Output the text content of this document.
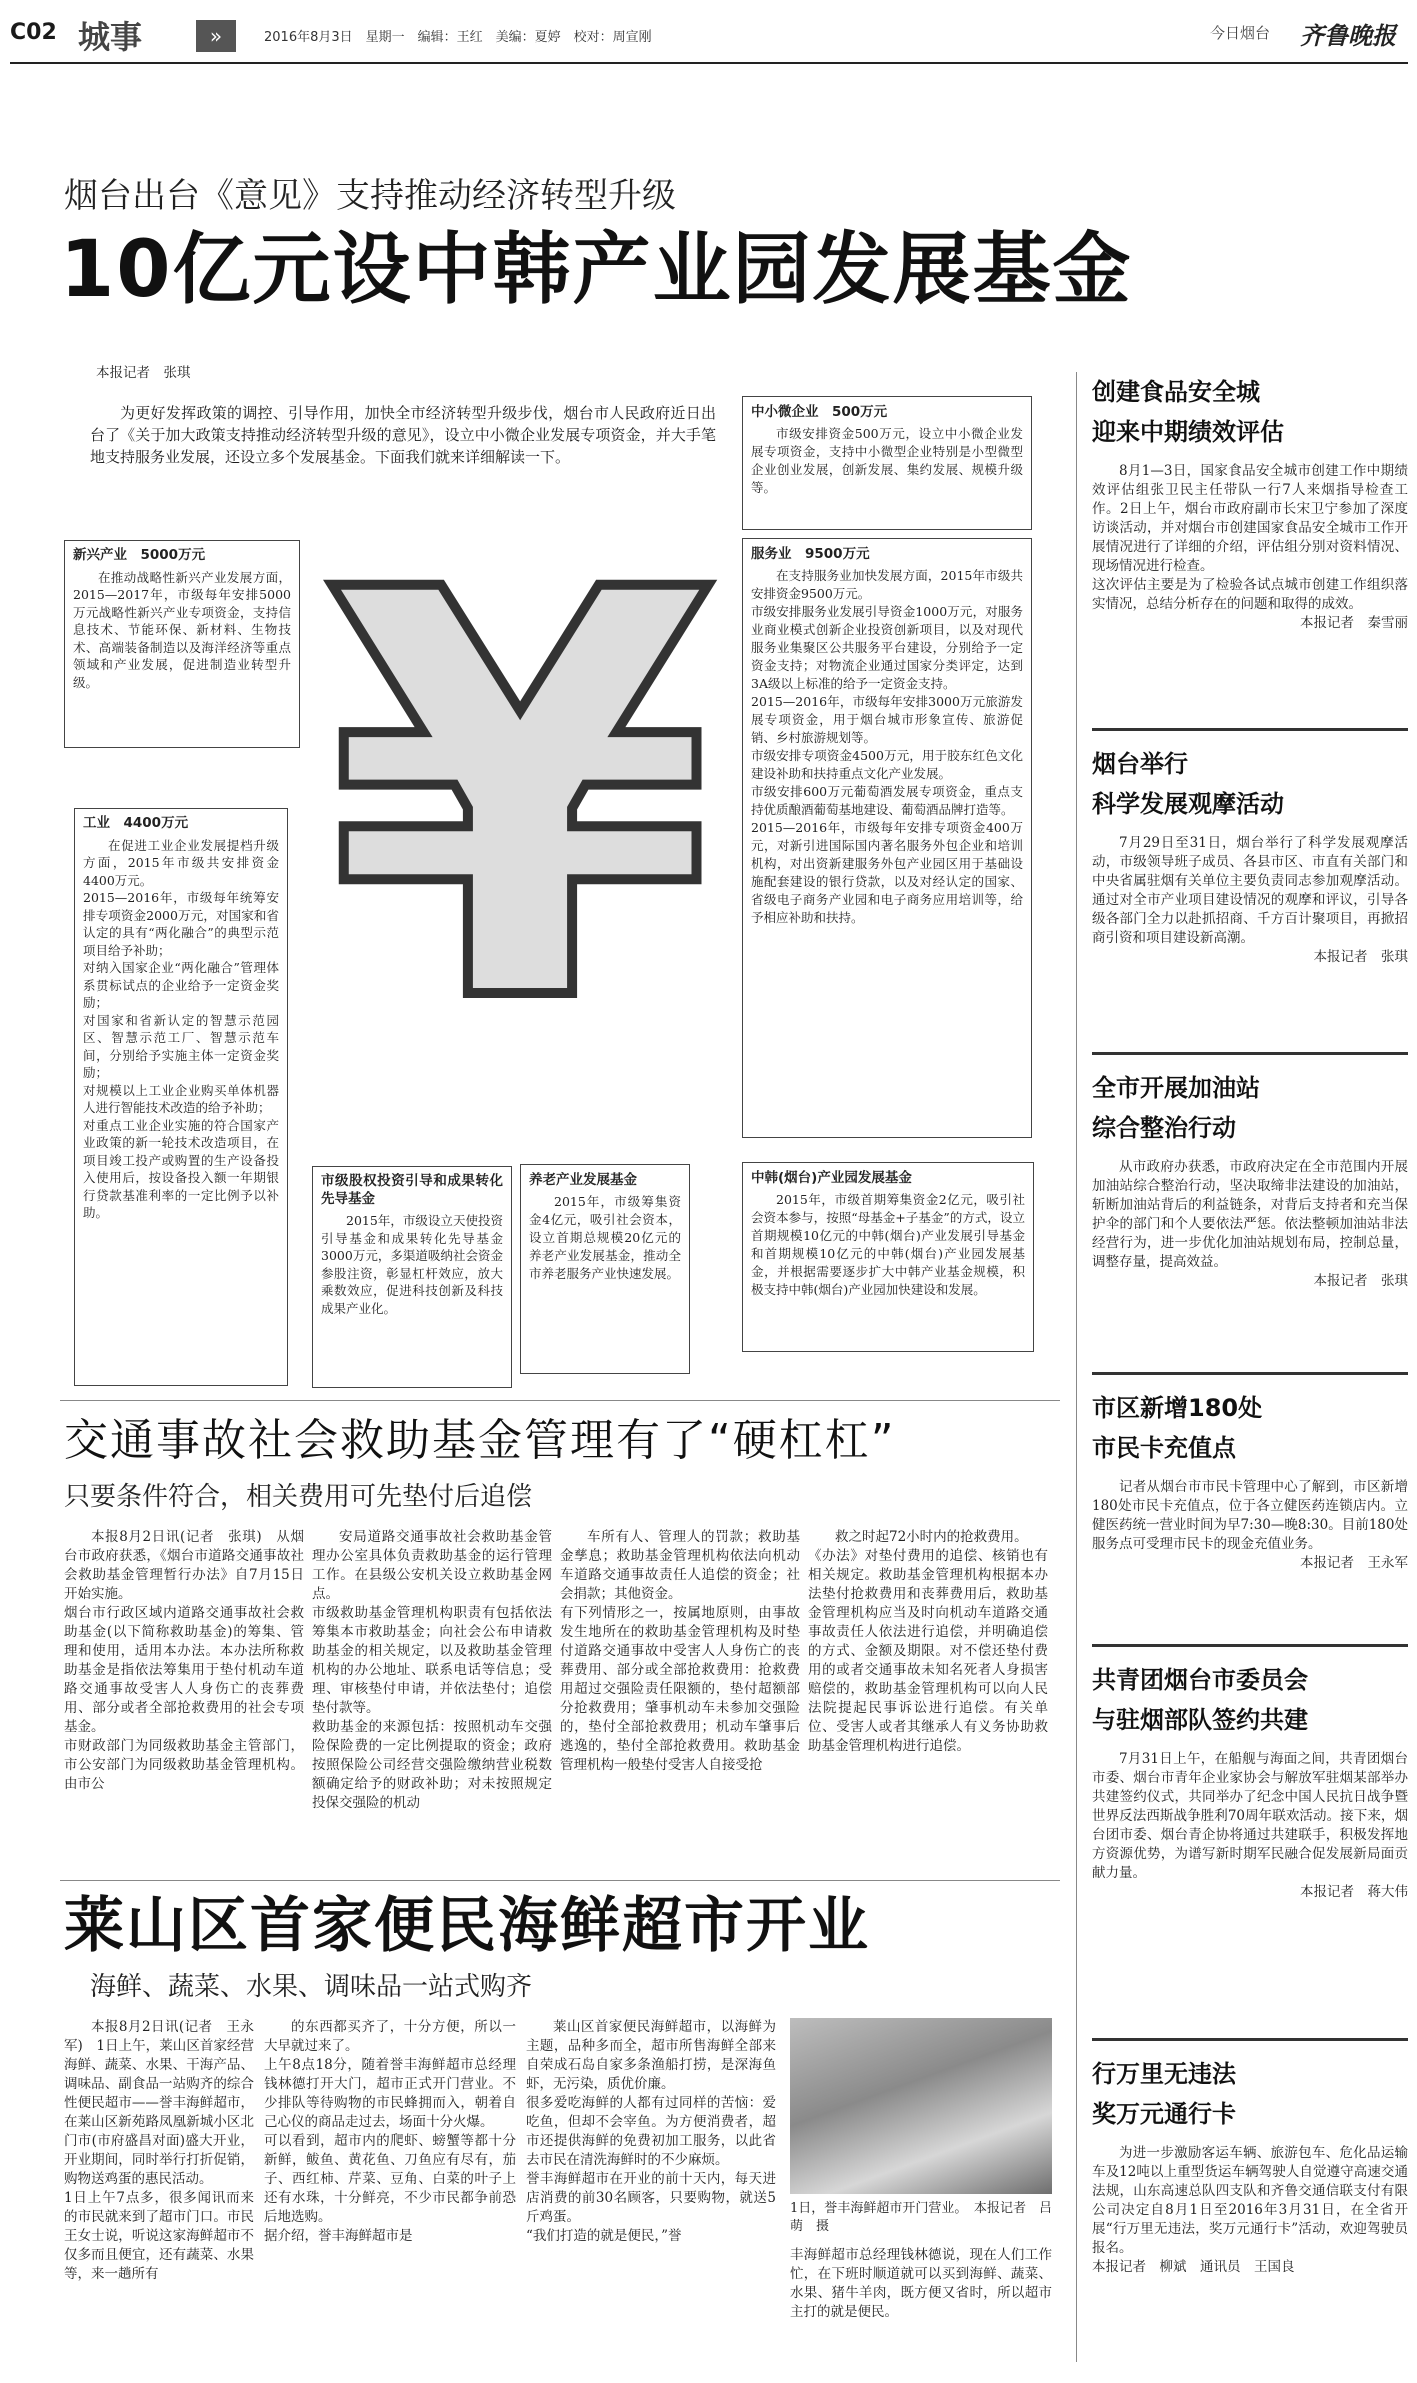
C02 城事	»	2016年8月3日　星期一　编辑：王红　美编：夏婷　校对：周宣刚	今日烟台 齐鲁晚报
烟台出台《意见》支持推动经济转型升级
10亿元设中韩产业园发展基金
本报记者　张琪
为更好发挥政策的调控、引导作用，加快全市经济转型升级步伐，烟台市人民政府近日出台了《关于加大政策支持推动经济转型升级的意见》，设立中小微企业发展专项资金，并大手笔地支持服务业发展，还设立多个发展基金。下面我们就来详细解读一下。
¥
中小微企业　500万元
市级安排资金500万元，设立中小微企业发展专项资金，支持中小微型企业特别是小型微型企业创业发展，创新发展、集约发展、规模升级等。
新兴产业　5000万元
在推动战略性新兴产业发展方面，2015—2017年，市级每年安排5000万元战略性新兴产业专项资金，支持信息技术、节能环保、新材料、生物技术、高端装备制造以及海洋经济等重点领域和产业发展，促进制造业转型升级。
服务业　9500万元
在支持服务业加快发展方面，2015年市级共安排资金9500万元。
市级安排服务业发展引导资金1000万元，对服务业商业模式创新企业投资创新项目，以及对现代服务业集聚区公共服务平台建设，分别给予一定资金支持；对物流企业通过国家分类评定，达到3A级以上标准的给予一定资金支持。
2015—2016年，市级每年安排3000万元旅游发展专项资金，用于烟台城市形象宣传、旅游促销、乡村旅游规划等。
市级安排专项资金4500万元，用于胶东红色文化建设补助和扶持重点文化产业发展。
市级安排600万元葡萄酒发展专项资金，重点支持优质酿酒葡萄基地建设、葡萄酒品牌打造等。
2015—2016年，市级每年安排专项资金400万元，对新引进国际国内著名服务外包企业和培训机构，对出资新建服务外包产业园区用于基础设施配套建设的银行贷款，以及对经认定的国家、省级电子商务产业园和电子商务应用培训等，给予相应补助和扶持。
工业　4400万元
在促进工业企业发展提档升级方面，2015年市级共安排资金4400万元。
2015—2016年，市级每年统筹安排专项资金2000万元，对国家和省认定的具有“两化融合”的典型示范项目给予补助；
对纳入国家企业“两化融合”管理体系贯标试点的企业给予一定资金奖励；
对国家和省新认定的智慧示范园区、智慧示范工厂、智慧示范车间，分别给予实施主体一定资金奖励；
对规模以上工业企业购买单体机器人进行智能技术改造的给予补助；
对重点工业企业实施的符合国家产业政策的新一轮技术改造项目，在项目竣工投产或购置的生产设备投入使用后，按设备投入额一年期银行贷款基准利率的一定比例予以补助。
市级股权投资引导和成果转化先导基金
2015年，市级设立天使投资引导基金和成果转化先导基金3000万元，多渠道吸纳社会资金参股注资，彰显杠杆效应，放大乘数效应，促进科技创新及科技成果产业化。
养老产业发展基金
2015年，市级筹集资金4亿元，吸引社会资本，设立首期总规模20亿元的养老产业发展基金，推动全市养老服务产业快速发展。
中韩(烟台)产业园发展基金
2015年，市级首期筹集资金2亿元，吸引社会资本参与，按照“母基金+子基金”的方式，设立首期规模10亿元的中韩(烟台)产业发展引导基金和首期规模10亿元的中韩(烟台)产业园发展基金，并根据需要逐步扩大中韩产业基金规模，积极支持中韩(烟台)产业园加快建设和发展。
交通事故社会救助基金管理有了“硬杠杠”
只要条件符合，相关费用可先垫付后追偿
本报8月2日讯(记者　张琪)　从烟台市政府获悉，《烟台市道路交通事故社会救助基金管理暂行办法》自7月15日开始实施。
烟台市行政区域内道路交通事故社会救助基金(以下简称救助基金)的筹集、管理和使用，适用本办法。本办法所称救助基金是指依法筹集用于垫付机动车道路交通事故受害人人身伤亡的丧葬费用、部分或者全部抢救费用的社会专项基金。
市财政部门为同级救助基金主管部门，市公安部门为同级救助基金管理机构。由市公
安局道路交通事故社会救助基金管理办公室具体负责救助基金的运行管理工作。在县级公安机关设立救助基金网点。
市级救助基金管理机构职责有包括依法筹集本市救助基金；向社会公布申请救助基金的相关规定，以及救助基金管理机构的办公地址、联系电话等信息；受理、审核垫付申请，并依法垫付；追偿垫付款等。
救助基金的来源包括：按照机动车交强险保险费的一定比例提取的资金；政府按照保险公司经营交强险缴纳营业税数额确定给予的财政补助；对未按照规定投保交强险的机动
车所有人、管理人的罚款；救助基金孳息；救助基金管理机构依法向机动车道路交通事故责任人追偿的资金；社会捐款；其他资金。
有下列情形之一，按属地原则，由事故发生地所在的救助基金管理机构及时垫付道路交通事故中受害人人身伤亡的丧葬费用、部分或全部抢救费用：抢救费用超过交强险责任限额的，垫付超额部分抢救费用；肇事机动车未参加交强险的，垫付全部抢救费用；机动车肇事后逃逸的，垫付全部抢救费用。救助基金管理机构一般垫付受害人自接受抢
救之时起72小时内的抢救费用。
《办法》对垫付费用的追偿、核销也有相关规定。救助基金管理机构根据本办法垫付抢救费用和丧葬费用后，救助基金管理机构应当及时向机动车道路交通事故责任人依法进行追偿，并明确追偿的方式、金额及期限。对不偿还垫付费用的或者交通事故未知名死者人身损害赔偿的，救助基金管理机构可以向人民法院提起民事诉讼进行追偿。有关单位、受害人或者其继承人有义务协助救助基金管理机构进行追偿。
莱山区首家便民海鲜超市开业
海鲜、蔬菜、水果、调味品一站式购齐
本报8月2日讯(记者　王永军)　1日上午，莱山区首家经营海鲜、蔬菜、水果、干海产品、调味品、副食品一站购齐的综合性便民超市——誉丰海鲜超市，在莱山区新苑路凤凰新城小区北门市(市府盛昌对面)盛大开业，开业期间，同时举行打折促销，购物送鸡蛋的惠民活动。
1日上午7点多，很多闻讯而来的市民就来到了超市门口。市民王女士说，听说这家海鲜超市不仅多而且便宜，还有蔬菜、水果等，来一趟所有
的东西都买齐了，十分方便，所以一大早就过来了。
上午8点18分，随着誉丰海鲜超市总经理钱林德打开大门，超市正式开门营业。不少排队等待购物的市民蜂拥而入，朝着自己心仪的商品走过去，场面十分火爆。
可以看到，超市内的爬虾、螃蟹等都十分新鲜，鲅鱼、黄花鱼、刀鱼应有尽有，茄子、西红柿、芹菜、豆角、白菜的叶子上还有水珠，十分鲜亮，不少市民都争前恐后地选购。
据介绍，誉丰海鲜超市是
莱山区首家便民海鲜超市，以海鲜为主题，品种多而全，超市所售海鲜全部来自荣成石岛自家多条渔船打捞，是深海鱼虾，无污染，质优价廉。
很多爱吃海鲜的人都有过同样的苦恼：爱吃鱼，但却不会宰鱼。为方便消费者，超市还提供海鲜的免费初加工服务，以此省去市民在清洗海鲜时的不少麻烦。
誉丰海鲜超市在开业的前十天内，每天进店消费的前30名顾客，只要购物，就送5斤鸡蛋。
“我们打造的就是便民，”誉
1日，誉丰海鲜超市开门营业。　本报记者　吕萌　摄
丰海鲜超市总经理钱林德说，现在人们工作忙，在下班时顺道就可以买到海鲜、蔬菜、水果、猪牛羊肉，既方便又省时，所以超市主打的就是便民。
创建食品安全城
迎来中期绩效评估
8月1—3日，国家食品安全城市创建工作中期绩效评估组张卫民主任带队一行7人来烟指导检查工作。2日上午，烟台市政府副市长宋卫宁参加了深度访谈活动，并对烟台市创建国家食品安全城市工作开展情况进行了详细的介绍，评估组分别对资料情况、现场情况进行检查。
这次评估主要是为了检验各试点城市创建工作组织落实情况，总结分析存在的问题和取得的成效。
本报记者　秦雪丽
烟台举行
科学发展观摩活动
7月29日至31日，烟台举行了科学发展观摩活动，市级领导班子成员、各县市区、市直有关部门和中央省属驻烟有关单位主要负责同志参加观摩活动。通过对全市产业项目建设情况的观摩和评议，引导各级各部门全力以赴抓招商、千方百计聚项目，再掀招商引资和项目建设新高潮。
本报记者　张琪
全市开展加油站
综合整治行动
从市政府办获悉，市政府决定在全市范围内开展加油站综合整治行动，坚决取缔非法建设的加油站，斩断加油站背后的利益链条，对背后支持者和充当保护伞的部门和个人要依法严惩。依法整顿加油站非法经营行为，进一步优化加油站规划布局，控制总量，调整存量，提高效益。
本报记者　张琪
市区新增180处
市民卡充值点
记者从烟台市市民卡管理中心了解到，市区新增180处市民卡充值点，位于各立健医药连锁店内。立健医药统一营业时间为早7:30—晚8:30。目前180处服务点可受理市民卡的现金充值业务。
本报记者　王永军
共青团烟台市委员会
与驻烟部队签约共建
7月31日上午，在船舰与海面之间，共青团烟台市委、烟台市青年企业家协会与解放军驻烟某部举办共建签约仪式，共同举办了纪念中国人民抗日战争暨世界反法西斯战争胜利70周年联欢活动。接下来，烟台团市委、烟台青企协将通过共建联手，积极发挥地方资源优势，为谱写新时期军民融合促发展新局面贡献力量。
本报记者　蒋大伟
行万里无违法
奖万元通行卡
为进一步激励客运车辆、旅游包车、危化品运输车及12吨以上重型货运车辆驾驶人自觉遵守高速交通法规，山东高速总队四支队和齐鲁交通信联支付有限公司决定自8月1日至2016年3月31日，在全省开展“行万里无违法，奖万元通行卡”活动，欢迎驾驶员报名。
本报记者　柳斌　通讯员　王国良
